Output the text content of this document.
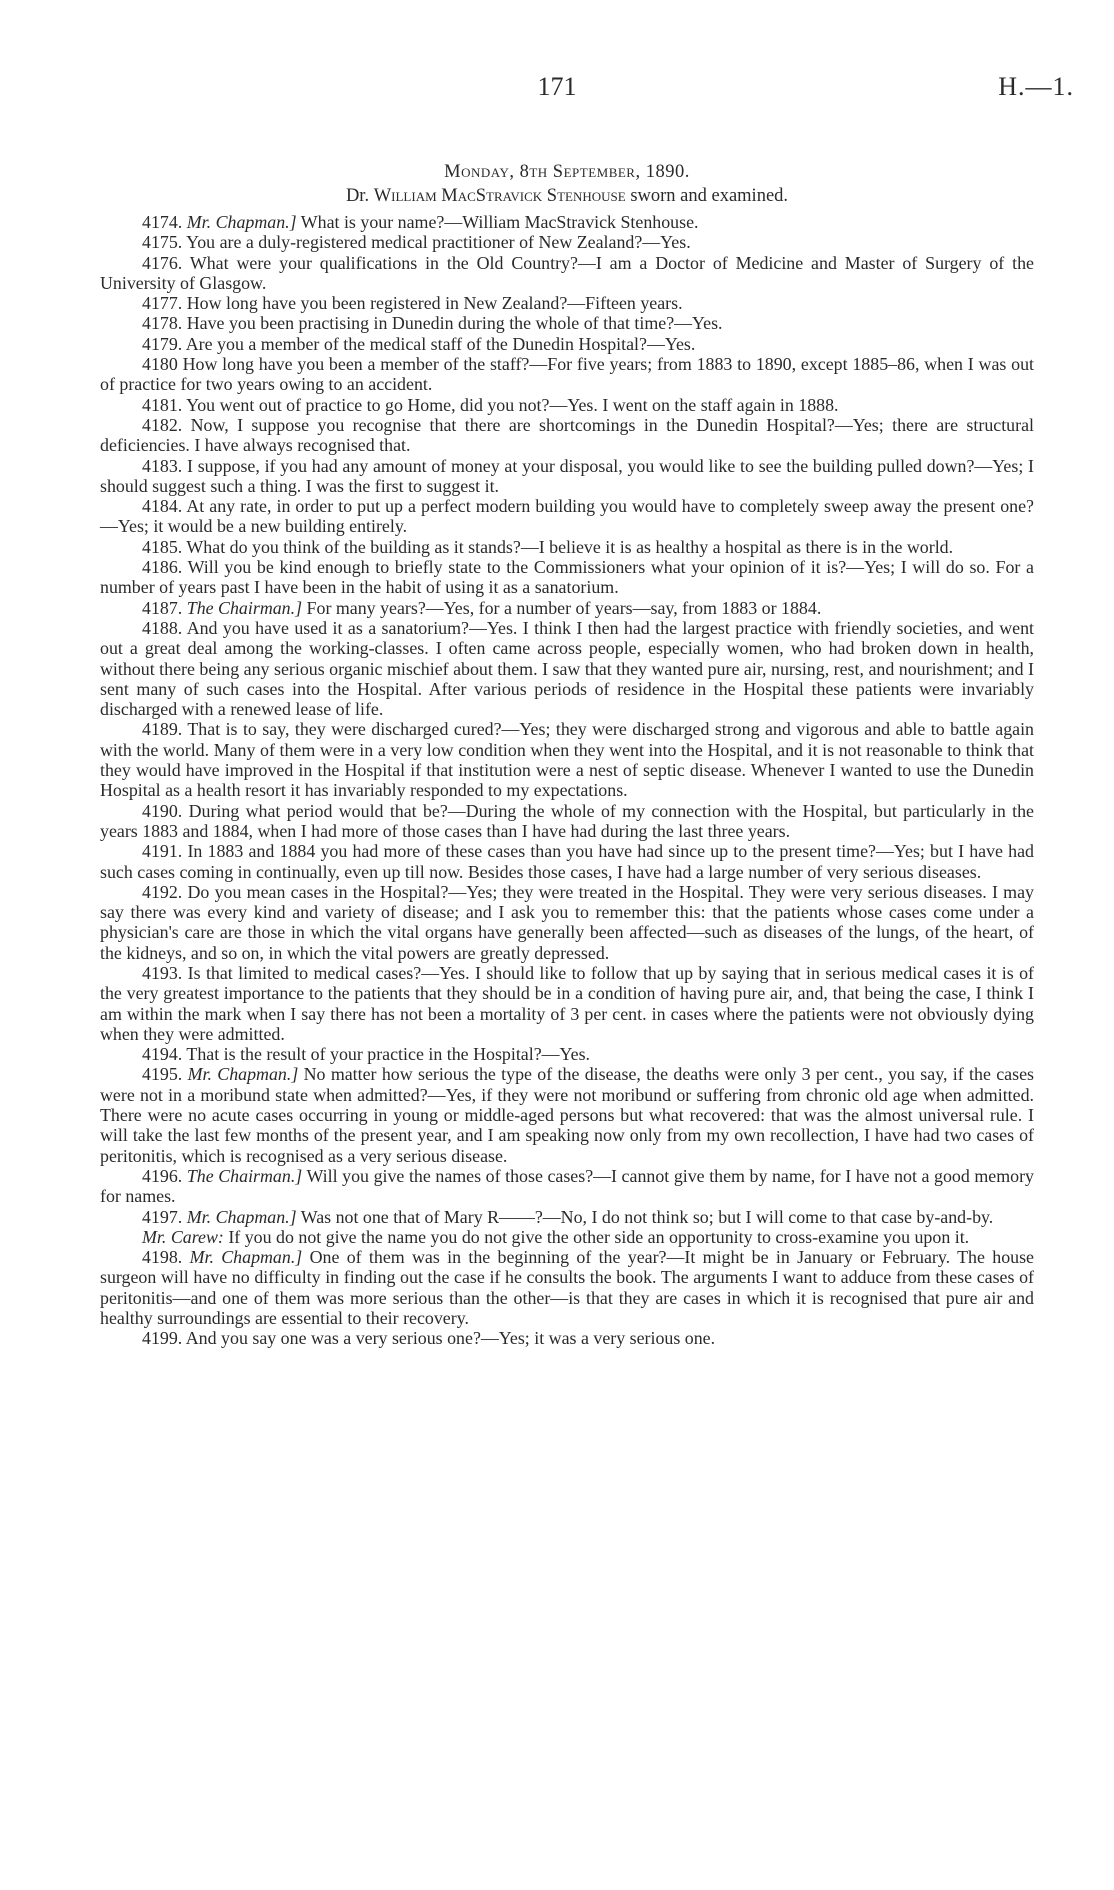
171	H.—1.
Monday, 8th September, 1890.
Dr. William MacStravick Stenhouse sworn and examined.

4174. Mr. Chapman.] What is your name?—William MacStravick Stenhouse.

4175. You are a duly-registered medical practitioner of New Zealand?—Yes.

4176. What were your qualifications in the Old Country?—I am a Doctor of Medicine and Master of Surgery of the University of Glasgow.

4177. How long have you been registered in New Zealand?—Fifteen years.

4178. Have you been practising in Dunedin during the whole of that time?—Yes.

4179. Are you a member of the medical staff of the Dunedin Hospital?—Yes.

4180 How long have you been a member of the staff?—For five years; from 1883 to 1890, except 1885–86, when I was out of practice for two years owing to an accident.

4181. You went out of practice to go Home, did you not?—Yes. I went on the staff again in 1888.

4182. Now, I suppose you recognise that there are shortcomings in the Dunedin Hospital?—Yes; there are structural deficiencies. I have always recognised that.

4183. I suppose, if you had any amount of money at your disposal, you would like to see the building pulled down?—Yes; I should suggest such a thing. I was the first to suggest it.

4184. At any rate, in order to put up a perfect modern building you would have to completely sweep away the present one?—Yes; it would be a new building entirely.

4185. What do you think of the building as it stands?—I believe it is as healthy a hospital as there is in the world.

4186. Will you be kind enough to briefly state to the Commissioners what your opinion of it is?—Yes; I will do so. For a number of years past I have been in the habit of using it as a sanatorium.

4187. The Chairman.] For many years?—Yes, for a number of years—say, from 1883 or 1884.

4188. And you have used it as a sanatorium?—Yes. I think I then had the largest practice with friendly societies, and went out a great deal among the working-classes. I often came across people, especially women, who had broken down in health, without there being any serious organic mischief about them. I saw that they wanted pure air, nursing, rest, and nourishment; and I sent many of such cases into the Hospital. After various periods of residence in the Hospital these patients were invariably discharged with a renewed lease of life.

4189. That is to say, they were discharged cured?—Yes; they were discharged strong and vigorous and able to battle again with the world. Many of them were in a very low condition when they went into the Hospital, and it is not reasonable to think that they would have improved in the Hospital if that institution were a nest of septic disease. Whenever I wanted to use the Dunedin Hospital as a health resort it has invariably responded to my expectations.

4190. During what period would that be?—During the whole of my connection with the Hospital, but particularly in the years 1883 and 1884, when I had more of those cases than I have had during the last three years.

4191. In 1883 and 1884 you had more of these cases than you have had since up to the present time?—Yes; but I have had such cases coming in continually, even up till now. Besides those cases, I have had a large number of very serious diseases.

4192. Do you mean cases in the Hospital?—Yes; they were treated in the Hospital. They were very serious diseases. I may say there was every kind and variety of disease; and I ask you to remember this: that the patients whose cases come under a physician's care are those in which the vital organs have generally been affected—such as diseases of the lungs, of the heart, of the kidneys, and so on, in which the vital powers are greatly depressed.

4193. Is that limited to medical cases?—Yes. I should like to follow that up by saying that in serious medical cases it is of the very greatest importance to the patients that they should be in a condition of having pure air, and, that being the case, I think I am within the mark when I say there has not been a mortality of 3 per cent. in cases where the patients were not obviously dying when they were admitted.

4194. That is the result of your practice in the Hospital?—Yes.

4195. Mr. Chapman.] No matter how serious the type of the disease, the deaths were only 3 per cent., you say, if the cases were not in a moribund state when admitted?—Yes, if they were not moribund or suffering from chronic old age when admitted. There were no acute cases occurring in young or middle-aged persons but what recovered: that was the almost universal rule. I will take the last few months of the present year, and I am speaking now only from my own recollection, I have had two cases of peritonitis, which is recognised as a very serious disease.

4196. The Chairman.] Will you give the names of those cases?—I cannot give them by name, for I have not a good memory for names.

4197. Mr. Chapman.] Was not one that of Mary R——?—No, I do not think so; but I will come to that case by-and-by.

Mr. Carew: If you do not give the name you do not give the other side an opportunity to cross-examine you upon it.

4198. Mr. Chapman.] One of them was in the beginning of the year?—It might be in January or February. The house surgeon will have no difficulty in finding out the case if he consults the book. The arguments I want to adduce from these cases of peritonitis—and one of them was more serious than the other—is that they are cases in which it is recognised that pure air and healthy surroundings are essential to their recovery.

4199. And you say one was a very serious one?—Yes; it was a very serious one.
